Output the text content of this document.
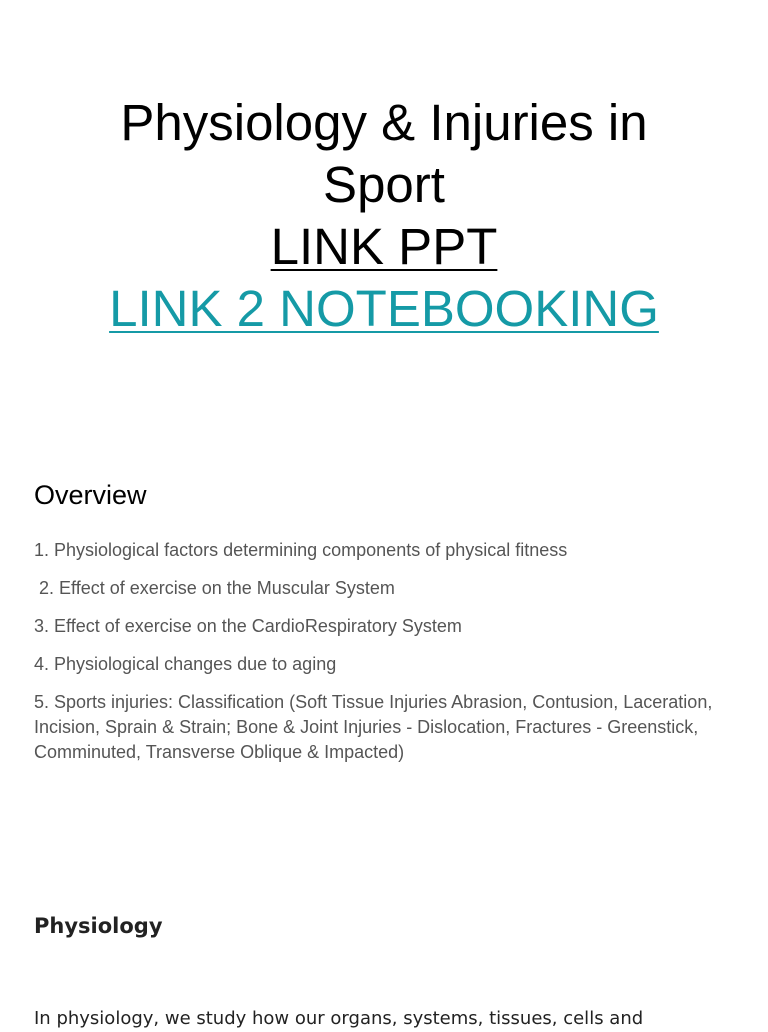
Physiology & Injuries in
Sport
LINK PPT
LINK 2 NOTEBOOKING
Overview
1. Physiological factors determining components of physical fitness
2. Effect of exercise on the Muscular System
3. Effect of exercise on the CardioRespiratory System
4. Physiological changes due to aging
5. Sports injuries: Classification (Soft Tissue Injuries Abrasion, Contusion, Laceration, Incision, Sprain & Strain; Bone & Joint Injuries - Dislocation, Fractures - Greenstick, Comminuted, Transverse Oblique & Impacted)
Physiology

In physiology, we study how our organs, systems, tissues, cells and
